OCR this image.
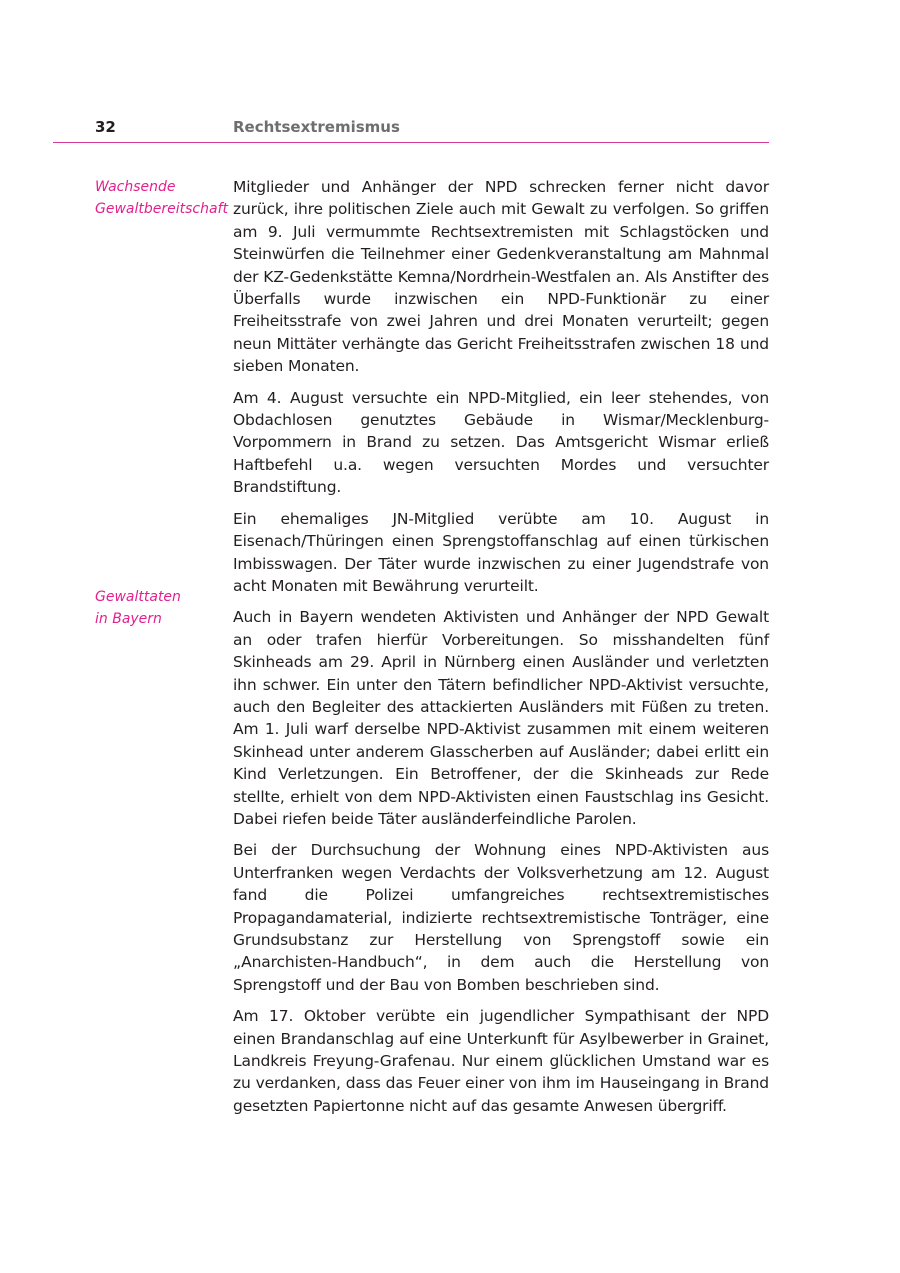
32	Rechtsextremismus
Wachsende
Gewaltbereitschaft
Gewalttaten
in Bayern

Mitglieder und Anhänger der NPD schrecken ferner nicht davor zurück, ihre politischen Ziele auch mit Gewalt zu verfolgen. So griffen am 9. Juli vermummte Rechtsextremisten mit Schlagstöcken und Steinwürfen die Teilnehmer einer Gedenkveranstaltung am Mahnmal der KZ-Gedenkstätte Kemna/Nordrhein-Westfalen an. Als Anstifter des Überfalls wurde inzwischen ein NPD-Funktionär zu einer Freiheitsstrafe von zwei Jahren und drei Monaten verurteilt; gegen neun Mittäter verhängte das Gericht Freiheitsstrafen zwischen 18 und sieben Monaten.

Am 4. August versuchte ein NPD-Mitglied, ein leer stehendes, von Obdachlosen genutztes Gebäude in Wismar/Mecklenburg-Vorpommern in Brand zu setzen. Das Amtsgericht Wismar erließ Haftbefehl u.a. wegen versuchten Mordes und versuchter Brandstiftung.

Ein ehemaliges JN-Mitglied verübte am 10. August in Eisenach/Thüringen einen Sprengstoffanschlag auf einen türkischen Imbisswagen. Der Täter wurde inzwischen zu einer Jugendstrafe von acht Monaten mit Bewährung verurteilt.

Auch in Bayern wendeten Aktivisten und Anhänger der NPD Gewalt an oder trafen hierfür Vorbereitungen. So misshandelten fünf Skinheads am 29. April in Nürnberg einen Ausländer und verletzten ihn schwer. Ein unter den Tätern befindlicher NPD-Aktivist versuchte, auch den Begleiter des attackierten Ausländers mit Füßen zu treten. Am 1. Juli warf derselbe NPD-Aktivist zusammen mit einem weiteren Skinhead unter anderem Glasscherben auf Ausländer; dabei erlitt ein Kind Verletzungen. Ein Betroffener, der die Skinheads zur Rede stellte, erhielt von dem NPD-Aktivisten einen Faustschlag ins Gesicht. Dabei riefen beide Täter ausländerfeindliche Parolen.

Bei der Durchsuchung der Wohnung eines NPD-Aktivisten aus Unterfranken wegen Verdachts der Volksverhetzung am 12. August fand die Polizei umfangreiches rechtsextremistisches Propagandamaterial, indizierte rechtsextremistische Tonträger, eine Grundsubstanz zur Herstellung von Sprengstoff sowie ein „Anarchisten-Handbuch“, in dem auch die Herstellung von Sprengstoff und der Bau von Bomben beschrieben sind.

Am 17. Oktober verübte ein jugendlicher Sympathisant der NPD einen Brandanschlag auf eine Unterkunft für Asylbewerber in Grainet, Landkreis Freyung-Grafenau. Nur einem glücklichen Umstand war es zu verdanken, dass das Feuer einer von ihm im Hauseingang in Brand gesetzten Papiertonne nicht auf das gesamte Anwesen übergriff.
